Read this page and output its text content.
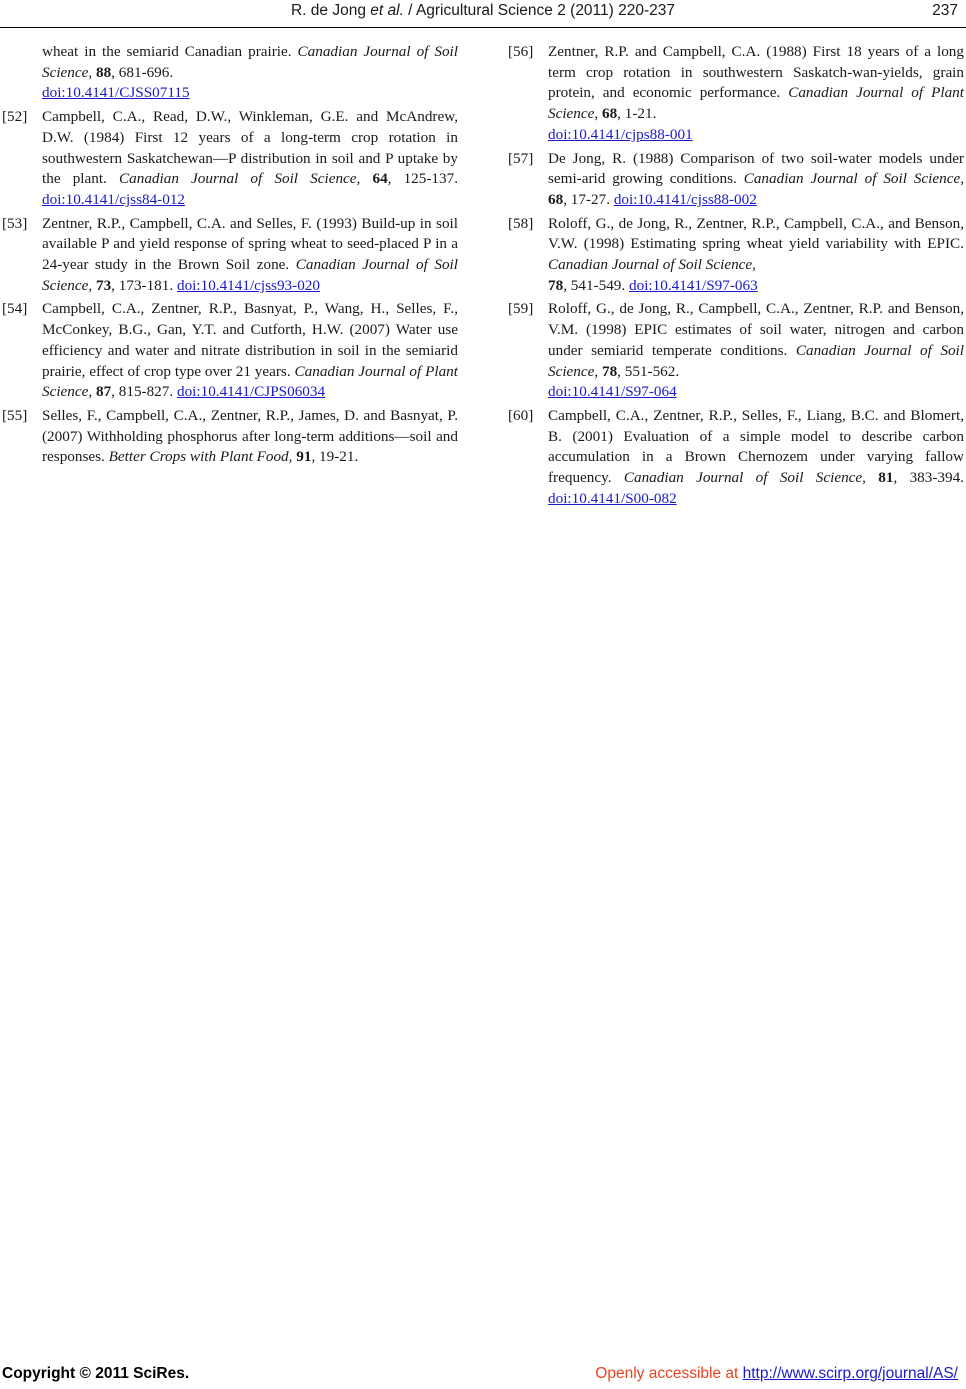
R. de Jong et al. / Agricultural Science 2 (2011) 220-237	237
wheat in the semiarid Canadian prairie. Canadian Journal of Soil Science, 88, 681-696.
doi:10.4141/CJSS07115
[52] Campbell, C.A., Read, D.W., Winkleman, G.E. and McAndrew, D.W. (1984) First 12 years of a long-term crop rotation in southwestern Saskatchewan—P distribution in soil and P uptake by the plant. Canadian Journal of Soil Science, 64, 125-137. doi:10.4141/cjss84-012
[53] Zentner, R.P., Campbell, C.A. and Selles, F. (1993) Build-up in soil available P and yield response of spring wheat to seed-placed P in a 24-year study in the Brown Soil zone. Canadian Journal of Soil Science, 73, 173-181. doi:10.4141/cjss93-020
[54] Campbell, C.A., Zentner, R.P., Basnyat, P., Wang, H., Selles, F., McConkey, B.G., Gan, Y.T. and Cutforth, H.W. (2007) Water use efficiency and water and nitrate distribution in soil in the semiarid prairie, effect of crop type over 21 years. Canadian Journal of Plant Science, 87, 815-827. doi:10.4141/CJPS06034
[55] Selles, F., Campbell, C.A., Zentner, R.P., James, D. and Basnyat, P. (2007) Withholding phosphorus after long-term additions—soil and responses. Better Crops with Plant Food, 91, 19-21.
[56] Zentner, R.P. and Campbell, C.A. (1988) First 18 years of a long term crop rotation in southwestern Saskatch-wan-yields, grain protein, and economic performance. Canadian Journal of Plant Science, 68, 1-21.
doi:10.4141/cjps88-001
[57] De Jong, R. (1988) Comparison of two soil-water models under semi-arid growing conditions. Canadian Journal of Soil Science, 68, 17-27. doi:10.4141/cjss88-002
[58] Roloff, G., de Jong, R., Zentner, R.P., Campbell, C.A., and Benson, V.W. (1998) Estimating spring wheat yield variability with EPIC. Canadian Journal of Soil Science,
78, 541-549. doi:10.4141/S97-063
[59] Roloff, G., de Jong, R., Campbell, C.A., Zentner, R.P. and Benson, V.M. (1998) EPIC estimates of soil water, nitrogen and carbon under semiarid temperate conditions. Canadian Journal of Soil Science, 78, 551-562.
doi:10.4141/S97-064
[60] Campbell, C.A., Zentner, R.P., Selles, F., Liang, B.C. and Blomert, B. (2001) Evaluation of a simple model to describe carbon accumulation in a Brown Chernozem under varying fallow frequency. Canadian Journal of Soil Science, 81, 383-394. doi:10.4141/S00-082
Copyright © 2011 SciRes.	Openly accessible at http://www.scirp.org/journal/AS/
